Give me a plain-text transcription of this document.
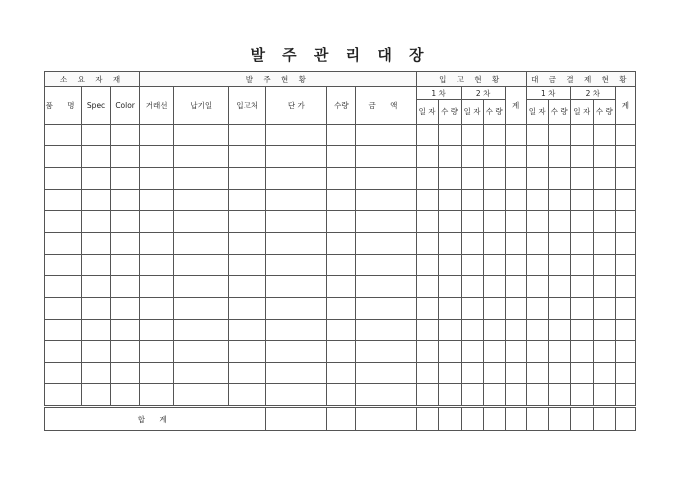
발 주 관 리 대 장
소 요 자 재			발 주 현 황						입 고 현 황					대 금 결 제 현 황				
품 명	Spec	Color	거래선	납기일	입고처	단 가	수량	금 액	1 차		2 차		계	1 차		2 차		계
									일 자	수 량	일 자	수 량		일 자	수 량	일 자	수 량	

합 계																		
